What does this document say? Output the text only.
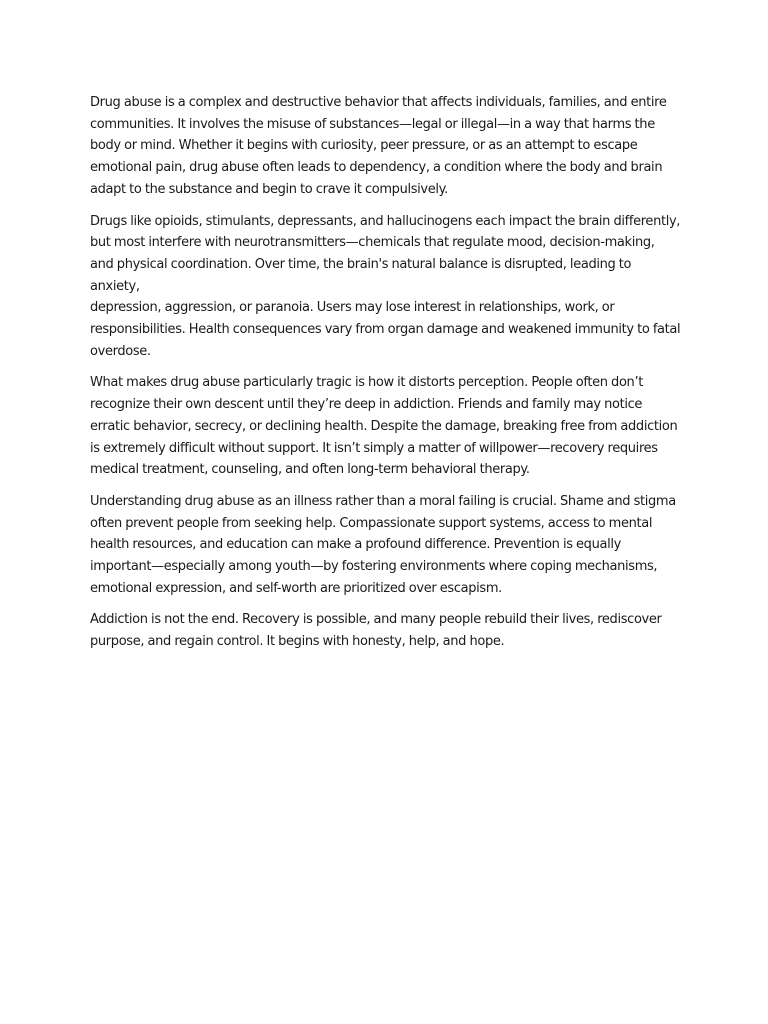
Drug abuse is a complex and destructive behavior that affects individuals, families, and entire
communities. It involves the misuse of substances—legal or illegal—in a way that harms the
body or mind. Whether it begins with curiosity, peer pressure, or as an attempt to escape
emotional pain, drug abuse often leads to dependency, a condition where the body and brain
adapt to the substance and begin to crave it compulsively.

Drugs like opioids, stimulants, depressants, and hallucinogens each impact the brain differently,
but most interfere with neurotransmitters—chemicals that regulate mood, decision-making,
and physical coordination. Over time, the brain's natural balance is disrupted, leading to anxiety,
depression, aggression, or paranoia. Users may lose interest in relationships, work, or
responsibilities. Health consequences vary from organ damage and weakened immunity to fatal
overdose.

What makes drug abuse particularly tragic is how it distorts perception. People often don’t
recognize their own descent until they’re deep in addiction. Friends and family may notice
erratic behavior, secrecy, or declining health. Despite the damage, breaking free from addiction
is extremely difficult without support. It isn’t simply a matter of willpower—recovery requires
medical treatment, counseling, and often long-term behavioral therapy.

Understanding drug abuse as an illness rather than a moral failing is crucial. Shame and stigma
often prevent people from seeking help. Compassionate support systems, access to mental
health resources, and education can make a profound difference. Prevention is equally
important—especially among youth—by fostering environments where coping mechanisms,
emotional expression, and self-worth are prioritized over escapism.

Addiction is not the end. Recovery is possible, and many people rebuild their lives, rediscover
purpose, and regain control. It begins with honesty, help, and hope.
